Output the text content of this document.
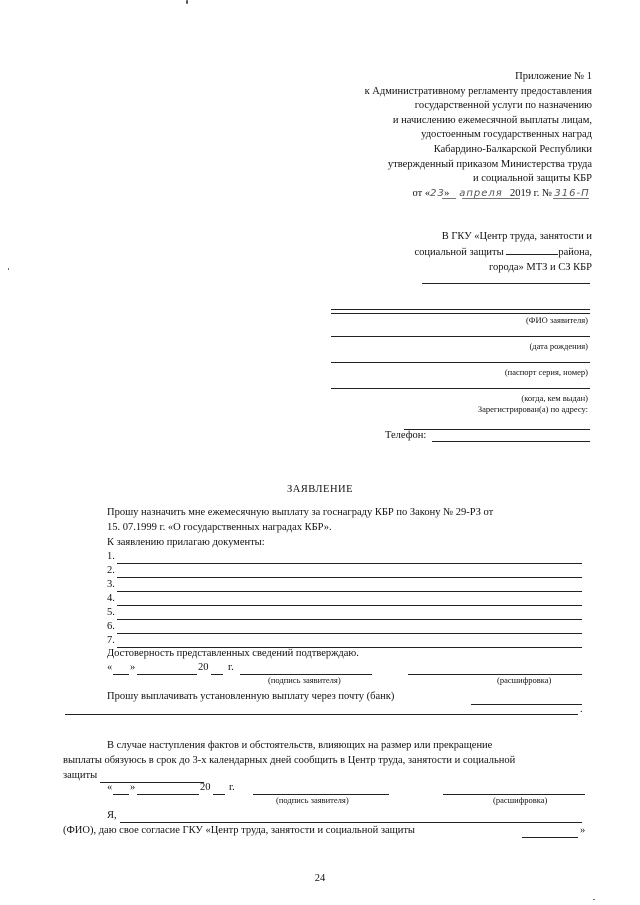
Приложение № 1
к Административному регламенту предоставления
государственной услуги по назначению
и начислению ежемесячной выплаты лицам,
удостоенным государственных наград
Кабардино-Балкарской Республики
утвержденный приказом Министерства труда
и социальной защиты КБР
от «23» апреля 2019 г. № 316-П
В ГКУ «Центр труда, занятости и
социальной защиты	района,
города» МТЗ и СЗ КБР
(ФИО заявителя)
(дата рождения)
(паспорт серия, номер)
(когда, кем выдан)
Зарегистрирован(а) по адресу:
Телефон:
ЗАЯВЛЕНИЕ
Прошу назначить мне ежемесячную выплату за госнаграду КБР по Закону № 29-РЗ от
15. 07.1999 г. «О государственных наградах КБР».
К заявлению прилагаю документы:
1.
2.
3.
4.
5.
6.
7.
Достоверность представленных сведений подтверждаю.
« »	20 г.
(подпись заявителя)	(расшифровка)
Прошу выплачивать установленную выплату через почту (банк)
.
В случае наступления фактов и обстоятельств, влияющих на размер или прекращение
выплаты обязуюсь в срок до 3-х календарных дней сообщить в Центр труда, занятости и социальной
защиты
« »	20 г.
(подпись заявителя)	(расшифровка)
Я,
(ФИО), даю свое согласие ГКУ «Центр труда, занятости и социальной защиты	»
24
